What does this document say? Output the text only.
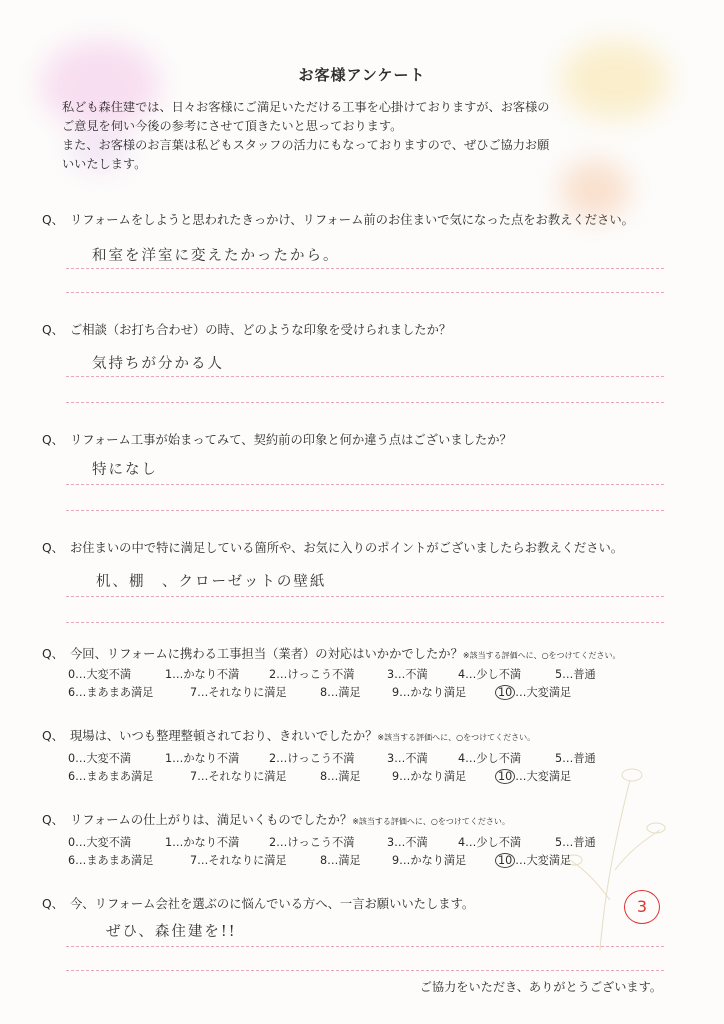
お客様アンケート
私ども森住建では、日々お客様にご満足いただける工事を心掛けておりますが、お客様の
ご意見を伺い今後の参考にさせて頂きたいと思っております。
また、お客様のお言葉は私どもスタッフの活力にもなっておりますので、ぜひご協力お願
いいたします。
Q、 リフォームをしようと思われたきっかけ、リフォーム前のお住まいで気になった点をお教えください。
和室を洋室に変えたかったから。
Q、 ご相談（お打ち合わせ）の時、どのような印象を受けられましたか？
気持ちが分かる人
Q、 リフォーム工事が始まってみて、契約前の印象と何か違う点はございましたか？
特になし
Q、 お住まいの中で特に満足している箇所や、お気に入りのポイントがございましたらお教えください。
机、棚　、クローゼットの壁紙
Q、 今回、リフォームに携わる工事担当（業者）の対応はいかかでしたか？※該当する評価へに、○をつけてください。
0…大変不満	1…かなり不満	2…けっこう不満	3…不満	4…少し不満	5…普通
6…まあまあ満足	7…それなりに満足	8…満足	9…かなり満足	10 …大変満足
Q、 現場は、いつも整理整頓されており、きれいでしたか？※該当する評価へに、○をつけてください。
0…大変不満	1…かなり不満	2…けっこう不満	3…不満	4…少し不満	5…普通
6…まあまあ満足	7…それなりに満足	8…満足	9…かなり満足	10 …大変満足
Q、 リフォームの仕上がりは、満足いくものでしたか？※該当する評価へに、○をつけてください。
0…大変不満	1…かなり不満	2…けっこう不満	3…不満	4…少し不満	5…普通
6…まあまあ満足	7…それなりに満足	8…満足	9…かなり満足	10 …大変満足
Q、 今、リフォーム会社を選ぶのに悩んでいる方へ、一言お願いいたします。
ぜひ、森住建を!!
3
ご協力をいただき、ありがとうございます。
